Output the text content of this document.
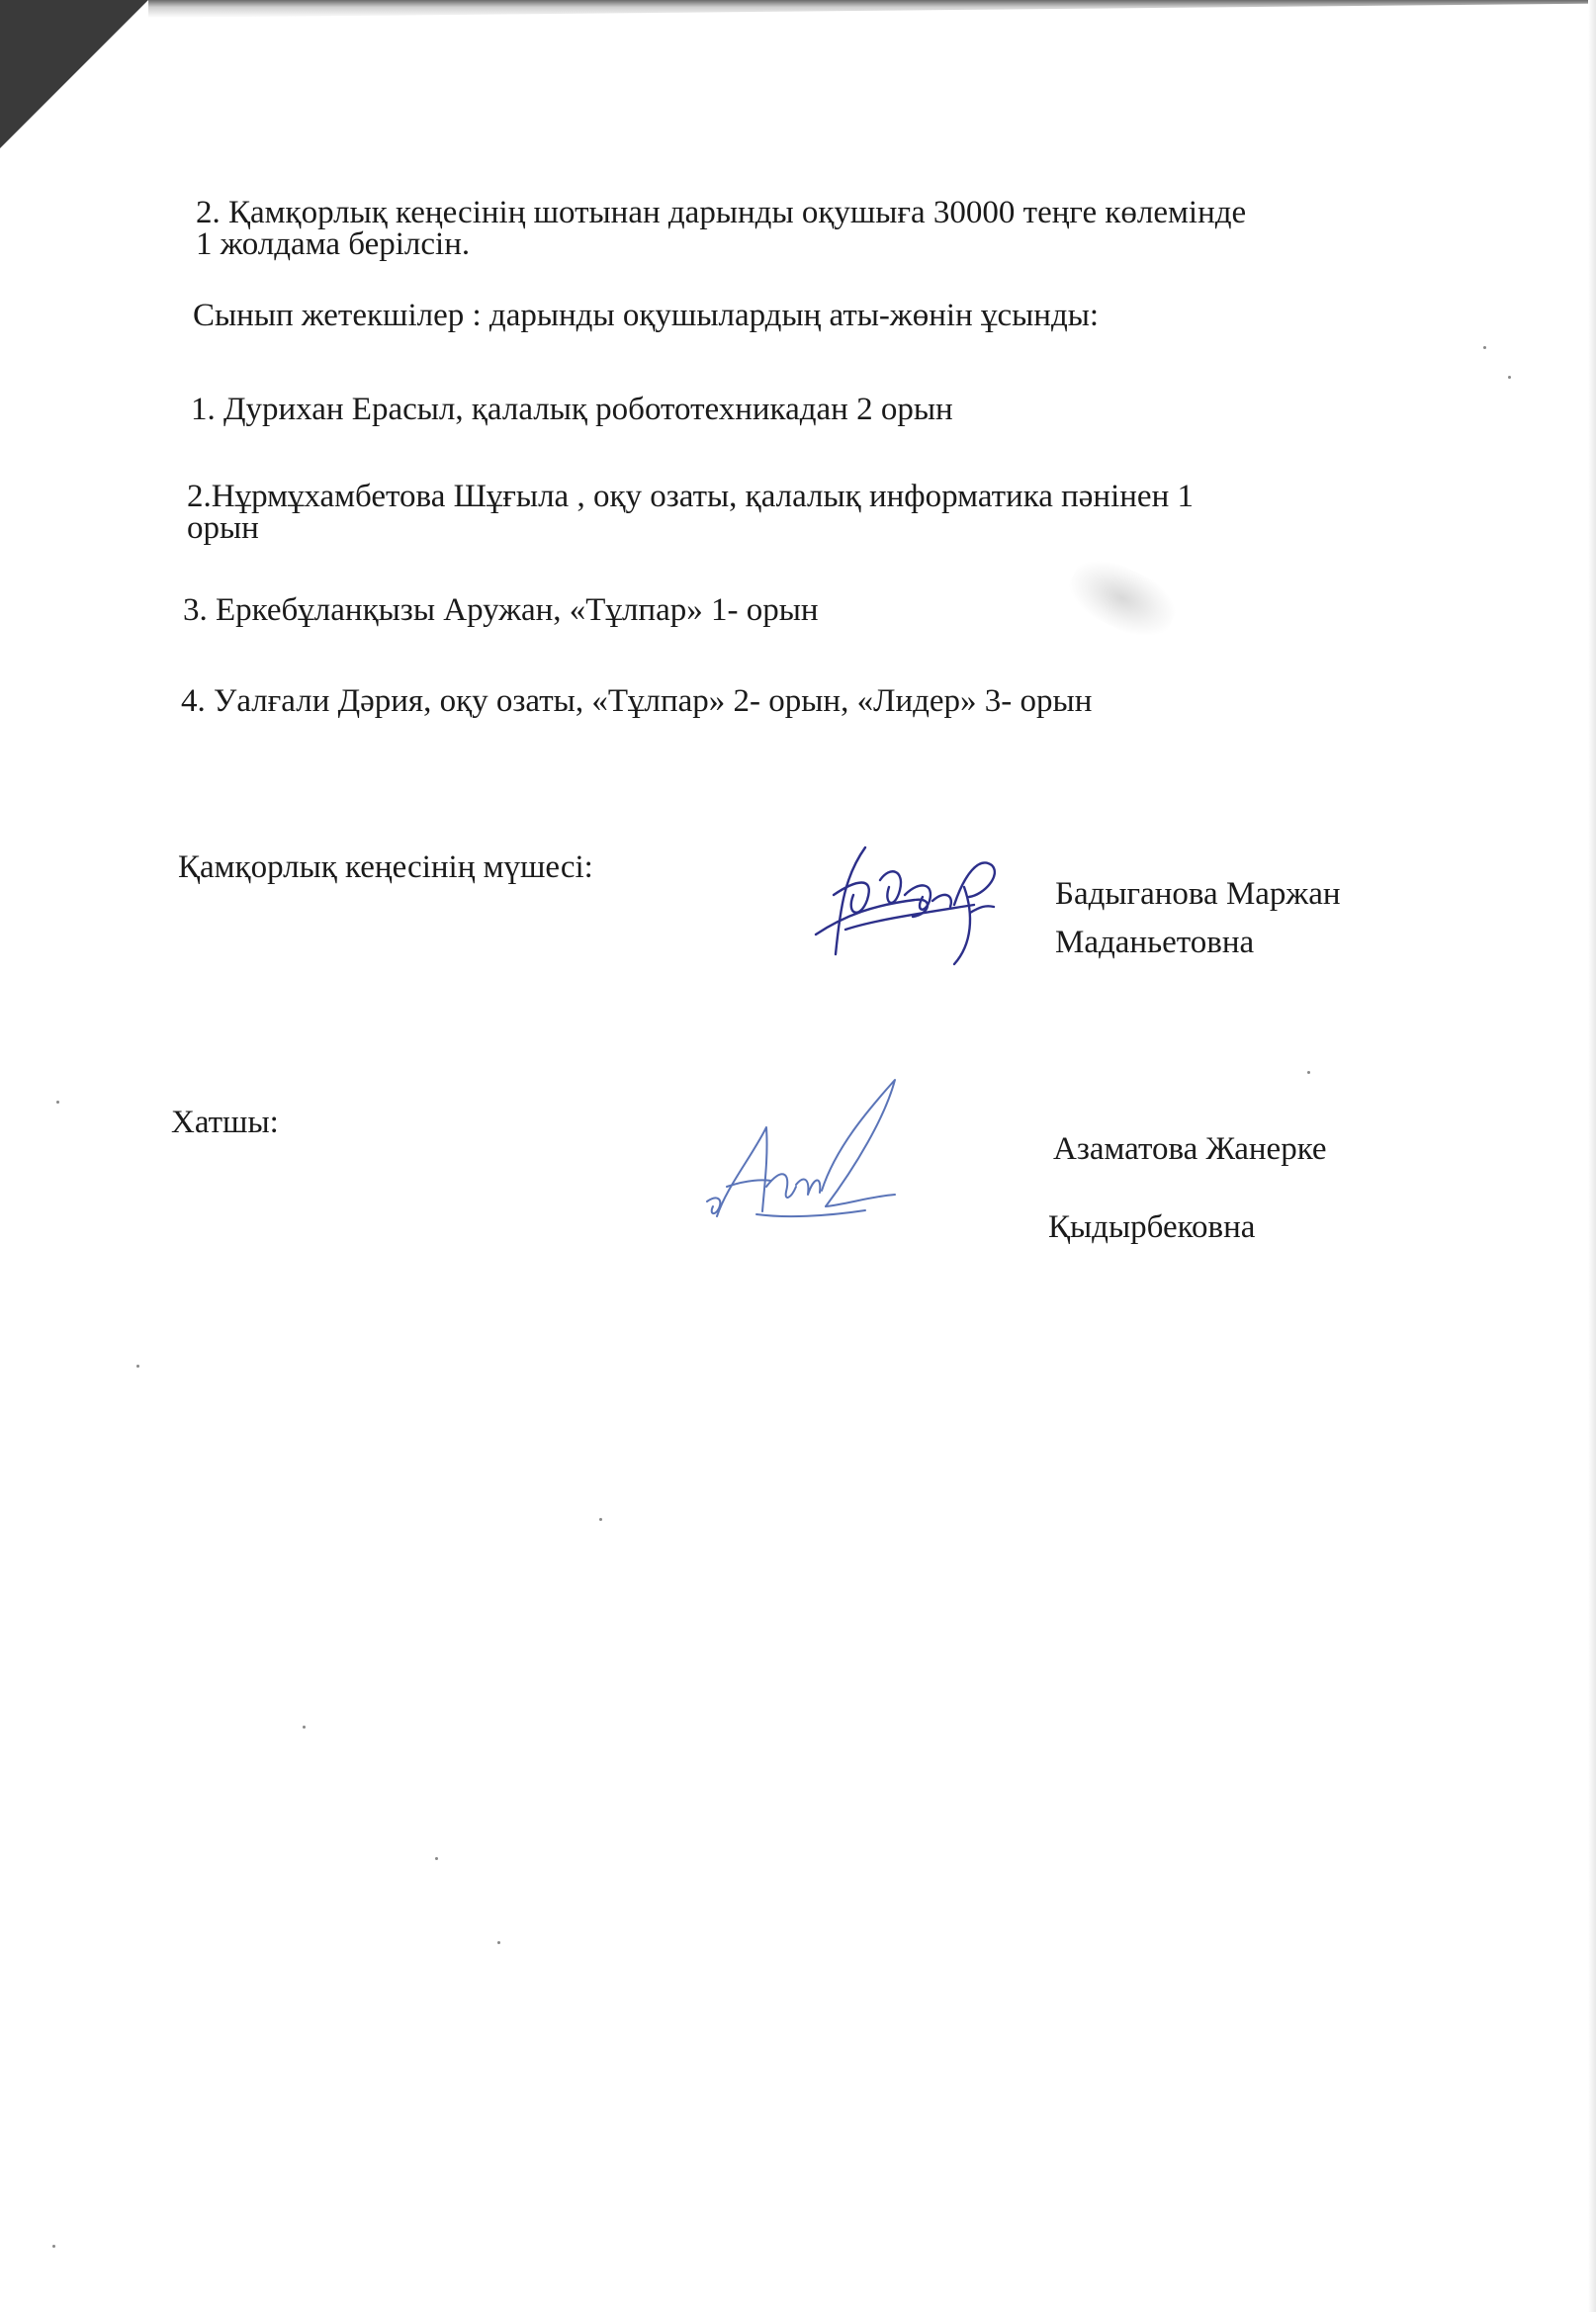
2. Қамқорлық кеңесінің шотынан дарынды оқушыға 30000 теңге көлемінде
1 жолдама берілсін.
Сынып жетекшілер : дарынды оқушылардың аты-жөнін ұсынды:
1. Дурихан Ерасыл, қалалық робототехникадан 2 орын
2.Нұрмұхамбетова Шұғыла , оқу озаты, қалалық информатика пәнінен 1
орын
3. Еркебұланқызы Аружан, «Тұлпар» 1- орын
4. Уалғали Дәрия, оқу озаты, «Тұлпар» 2- орын, «Лидер» 3- орын
Қамқорлық кеңесінің мүшесі:
Бадыганова Маржан
Маданьетовна
Хатшы:
Азаматова Жанерке
Қыдырбековна
